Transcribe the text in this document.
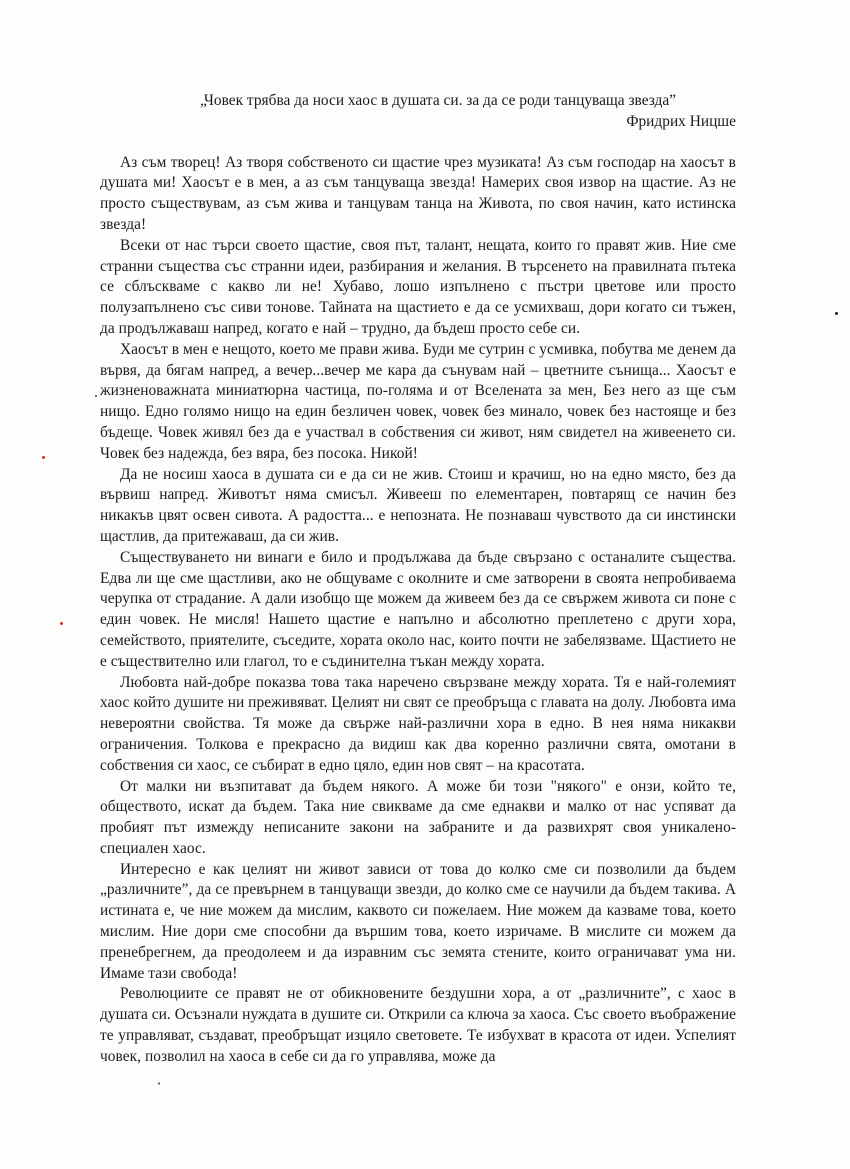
„Човек трябва да носи хаос в душата си. за да се роди танцуваща звезда”

Фридрих Ницше

Аз съм творец! Аз творя собственото си щастие чрез музиката! Аз съм господар на хаосът в душата ми! Хаосът е в мен, а аз съм танцуваща звезда! Намерих своя извор на щастие. Аз не просто съществувам, аз съм жива и танцувам танца на Живота, по своя начин, като истинска звезда!

Всеки от нас търси своето щастие, своя път, талант, нещата, които го правят жив. Ние сме странни същества със странни идеи, разбирания и желания. В търсенето на правилната пътека се сблъскваме с какво ли не! Хубаво, лошо изпълнено с пъстри цветове или просто полузапълнено със сиви тонове. Тайната на щастието е да се усмихваш, дори когато си тъжен, да продължаваш напред, когато е най – трудно, да бъдеш просто себе си.

Хаосът в мен е нещото, което ме прави жива. Буди ме сутрин с усмивка, побутва ме денем да вървя, да бягам напред, а вечер...вечер ме кара да сънувам най – цветните сънища... Хаосът е жизненоважната миниатюрна частица, по-голяма и от Вселената за мен, Без него аз ще съм нищо. Едно голямо нищо на един безличен човек, човек без минало, човек без настояще и без бъдеще. Човек живял без да е участвал в собствения си живот, ням свидетел на живеенето си. Човек без надежда, без вяра, без посока. Никой!

Да не носиш хаоса в душата си е да си не жив. Стоиш и крачиш, но на едно място, без да вървиш напред. Животът няма смисъл. Живееш по елементарен, повтарящ се начин без никакъв цвят освен сивота. А радостта... е непозната. Не познаваш чувството да си инстински щастлив, да притежаваш, да си жив.

Съществуването ни винаги е било и продължава да бъде свързано с останалите същества. Едва ли ще сме щастливи, ако не общуваме с околните и сме затворени в своята непробиваема черупка от страдание. А дали изобщо ще можем да живеем без да се свържем живота си поне с един човек. Не мисля! Нашето щастие е напълно и абсолютно преплетено с други хора, семейството, приятелите, съседите, хората около нас, които почти не забелязваме. Щастието не е съществително или глагол, то е съдинителна тъкан между хората.

Любовта най-добре показва това така наречено свързване между хората. Тя е най-големият хаос който душите ни преживяват. Целият ни свят се преобръща с главата на долу. Любовта има невероятни свойства. Тя може да свърже най-различни хора в едно. В нея няма никакви ограничения. Толкова е прекрасно да видиш как два коренно различни свята, омотани в собствения си хаос, се събират в едно цяло, един нов свят – на красотата.

От малки ни възпитават да бъдем някого. А може би този "някого" е онзи, който те, обществото, искат да бъдем. Така ние свикваме да сме еднакви и малко от нас успяват да пробият път измежду неписаните закони на забраните и да развихрят своя уникалено-специален хаос.

Интересно е как целият ни живот зависи от това до колко сме си позволили да бъдем „различните”, да се превърнем в танцуващи звезди, до колко сме се научили да бъдем такива. А истината е, че ние можем да мислим, каквото си пожелаем. Ние можем да казваме това, което мислим. Ние дори сме способни да вършим това, което изричаме. В мислите си можем да пренебрегнем, да преодолеем и да изравним със земята стените, които ограничават ума ни. Имаме тази свобода!

Революциите се правят не от обикновените бездушни хора, а от „различните”, с хаос в душата си. Осъзнали нуждата в душите си. Открили са ключа за хаоса. Със своето въображение те управляват, създават, преобръщат изцяло световете. Те избухват в красота от идеи. Успелият човек, позволил на хаоса в себе си да го управлява, може да
